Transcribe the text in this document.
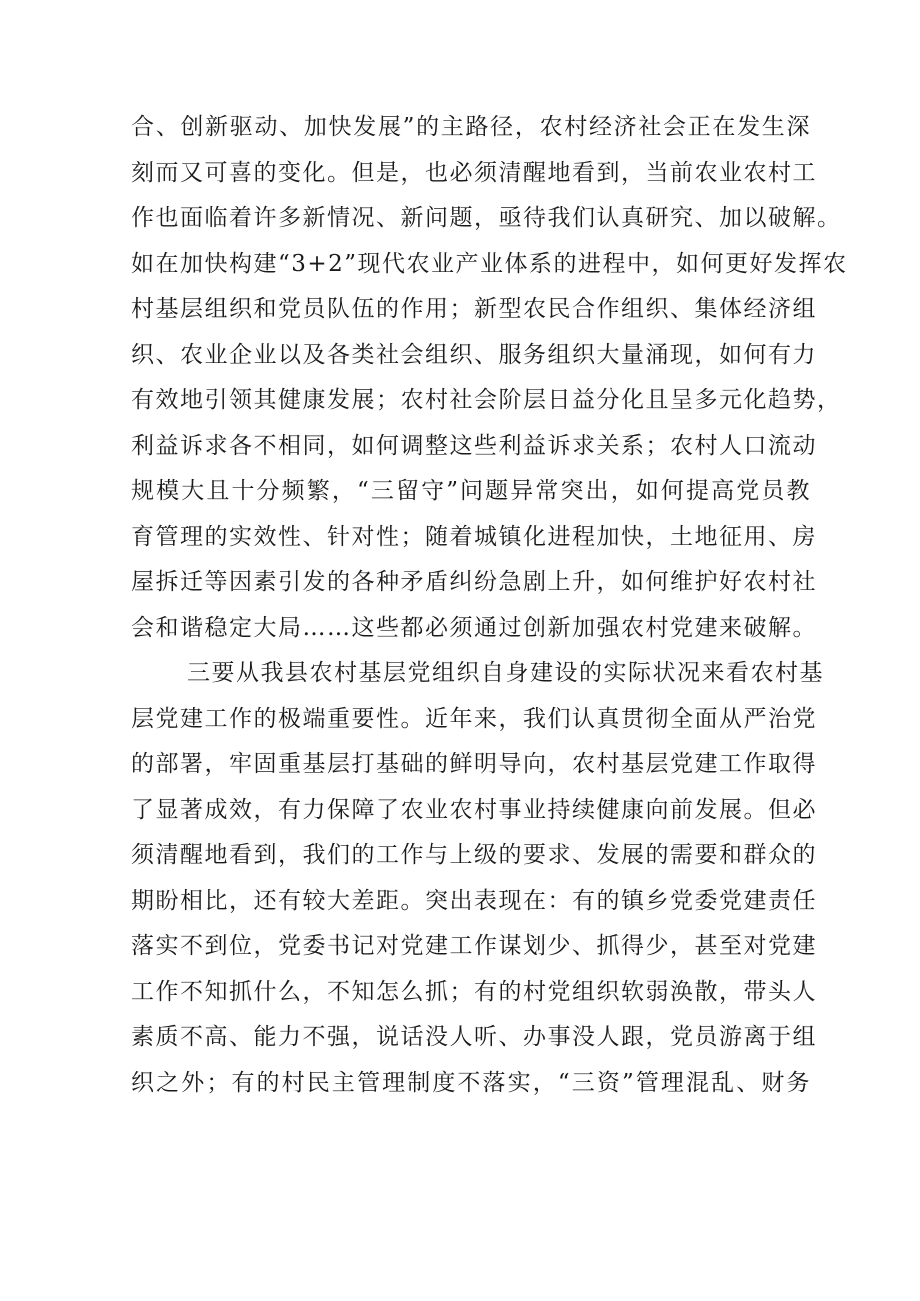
合、创新驱动、加快发展”的主路径，农村经济社会正在发生深
刻而又可喜的变化。但是，也必须清醒地看到，当前农业农村工
作也面临着许多新情况、新问题，亟待我们认真研究、加以破解。
如在加快构建“3+2”现代农业产业体系的进程中，如何更好发挥农
村基层组织和党员队伍的作用；新型农民合作组织、集体经济组
织、农业企业以及各类社会组织、服务组织大量涌现，如何有力
有效地引领其健康发展；农村社会阶层日益分化且呈多元化趋势，
利益诉求各不相同，如何调整这些利益诉求关系；农村人口流动
规模大且十分频繁，“三留守”问题异常突出，如何提高党员教
育管理的实效性、针对性；随着城镇化进程加快，土地征用、房
屋拆迁等因素引发的各种矛盾纠纷急剧上升，如何维护好农村社
会和谐稳定大局……这些都必须通过创新加强农村党建来破解。
三要从我县农村基层党组织自身建设的实际状况来看农村基
层党建工作的极端重要性。近年来，我们认真贯彻全面从严治党
的部署，牢固重基层打基础的鲜明导向，农村基层党建工作取得
了显著成效，有力保障了农业农村事业持续健康向前发展。但必
须清醒地看到，我们的工作与上级的要求、发展的需要和群众的
期盼相比，还有较大差距。突出表现在：有的镇乡党委党建责任
落实不到位，党委书记对党建工作谋划少、抓得少，甚至对党建
工作不知抓什么，不知怎么抓；有的村党组织软弱涣散，带头人
素质不高、能力不强，说话没人听、办事没人跟，党员游离于组
织之外；有的村民主管理制度不落实，“三资”管理混乱、财务
